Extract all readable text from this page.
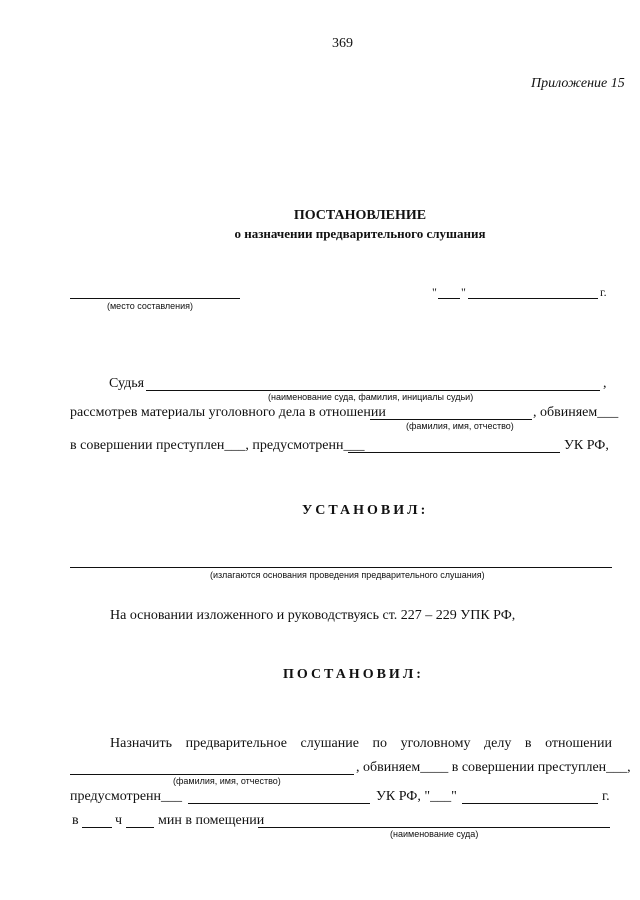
369
Приложение 15
ПОСТАНОВЛЕНИЕ
о назначении предварительного слушания
(место составления)
" "	г.
Судья	,
(наименование суда, фамилия, инициалы судьи)
рассмотрев материалы уголовного дела в отношении	, обвиняем___
(фамилия, имя, отчество)
в совершении преступлен___, предусмотренн___	УК РФ,
УСТАНОВИЛ:
(излагаются основания проведения предварительного слушания)
На основании изложенного и руководствуясь ст. 227 – 229 УПК РФ,
ПОСТАНОВИЛ:
Назначить предварительное слушание по уголовному делу в отношении
, обвиняем____ в совершении преступлен___,
(фамилия, имя, отчество)
предусмотренн___	УК РФ, "___"	г.
в	ч	мин в помещении
(наименование суда)
